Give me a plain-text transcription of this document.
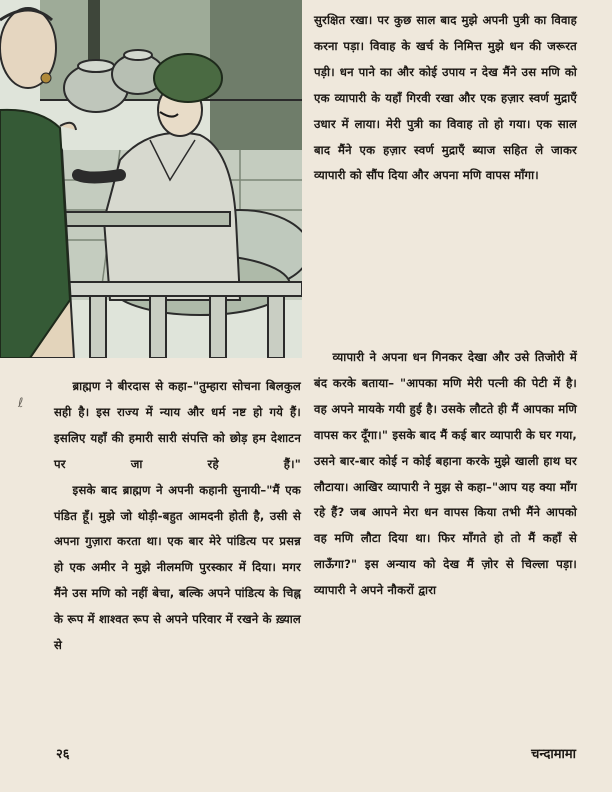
सुरक्षित रखा। पर कुछ साल बाद मुझे अपनी पुत्री का विवाह करना पड़ा। विवाह के खर्च के निमित्त मुझे धन की जरूरत पड़ी। धन पाने का और कोई उपाय न देख मैंने उस मणि को एक व्यापारी के यहाँ गिरवी रखा और एक हज़ार स्वर्ण मुद्राएँ उधार में लाया। मेरी पुत्री का विवाह तो हो गया। एक साल बाद मैंने एक हज़ार स्वर्ण मुद्राएँ ब्याज सहित ले जाकर व्यापारी को सौंप दिया और अपना मणि वापस माँगा।

व्यापारी ने अपना धन गिनकर देखा और उसे तिजोरी में बंद करके बताया– "आपका मणि मेरी पत्नी की पेटी में है। वह अपने मायके गयी हुई है। उसके लौटते ही मैं आपका मणि वापस कर दूँगा।" इसके बाद मैं कई बार व्यापारी के घर गया, उसने बार-बार कोई न कोई बहाना करके मुझे खाली हाथ घर लौटाया। आखिर व्यापारी ने मुझ से कहा–"आप यह क्या माँग रहे हैं? जब आपने मेरा धन वापस किया तभी मैंने आपको वह मणि लौटा दिया था। फिर माँगते हो तो मैं कहाँ से लाऊँगा?" इस अन्याय को देख मैं ज़ोर से चिल्ला पड़ा। व्यापारी ने अपने नौकरों द्वारा

ℓ

ब्राह्मण ने बीरदास से कहा–"तुम्हारा सोचना बिलकुल सही है। इस राज्य में न्याय और धर्म नष्ट हो गये हैं। इसलिए यहाँ की हमारी सारी संपत्ति को छोड़ हम देशाटन पर जा रहे हैं।"

इसके बाद ब्राह्मण ने अपनी कहानी सुनायी–"मैं एक पंडित हूँ। मुझे जो थोड़ी-बहुत आमदनी होती है, उसी से अपना गुज़ारा करता था। एक बार मेरे पांडित्य पर प्रसन्न हो एक अमीर ने मुझे नीलमणि पुरस्कार में दिया। मगर मैंने उस मणि को नहीं बेचा, बल्कि अपने पांडित्य के चिह्न के रूप में शाश्वत रूप से अपने परिवार में रखने के ख़्याल से

२६	चन्दामामा
